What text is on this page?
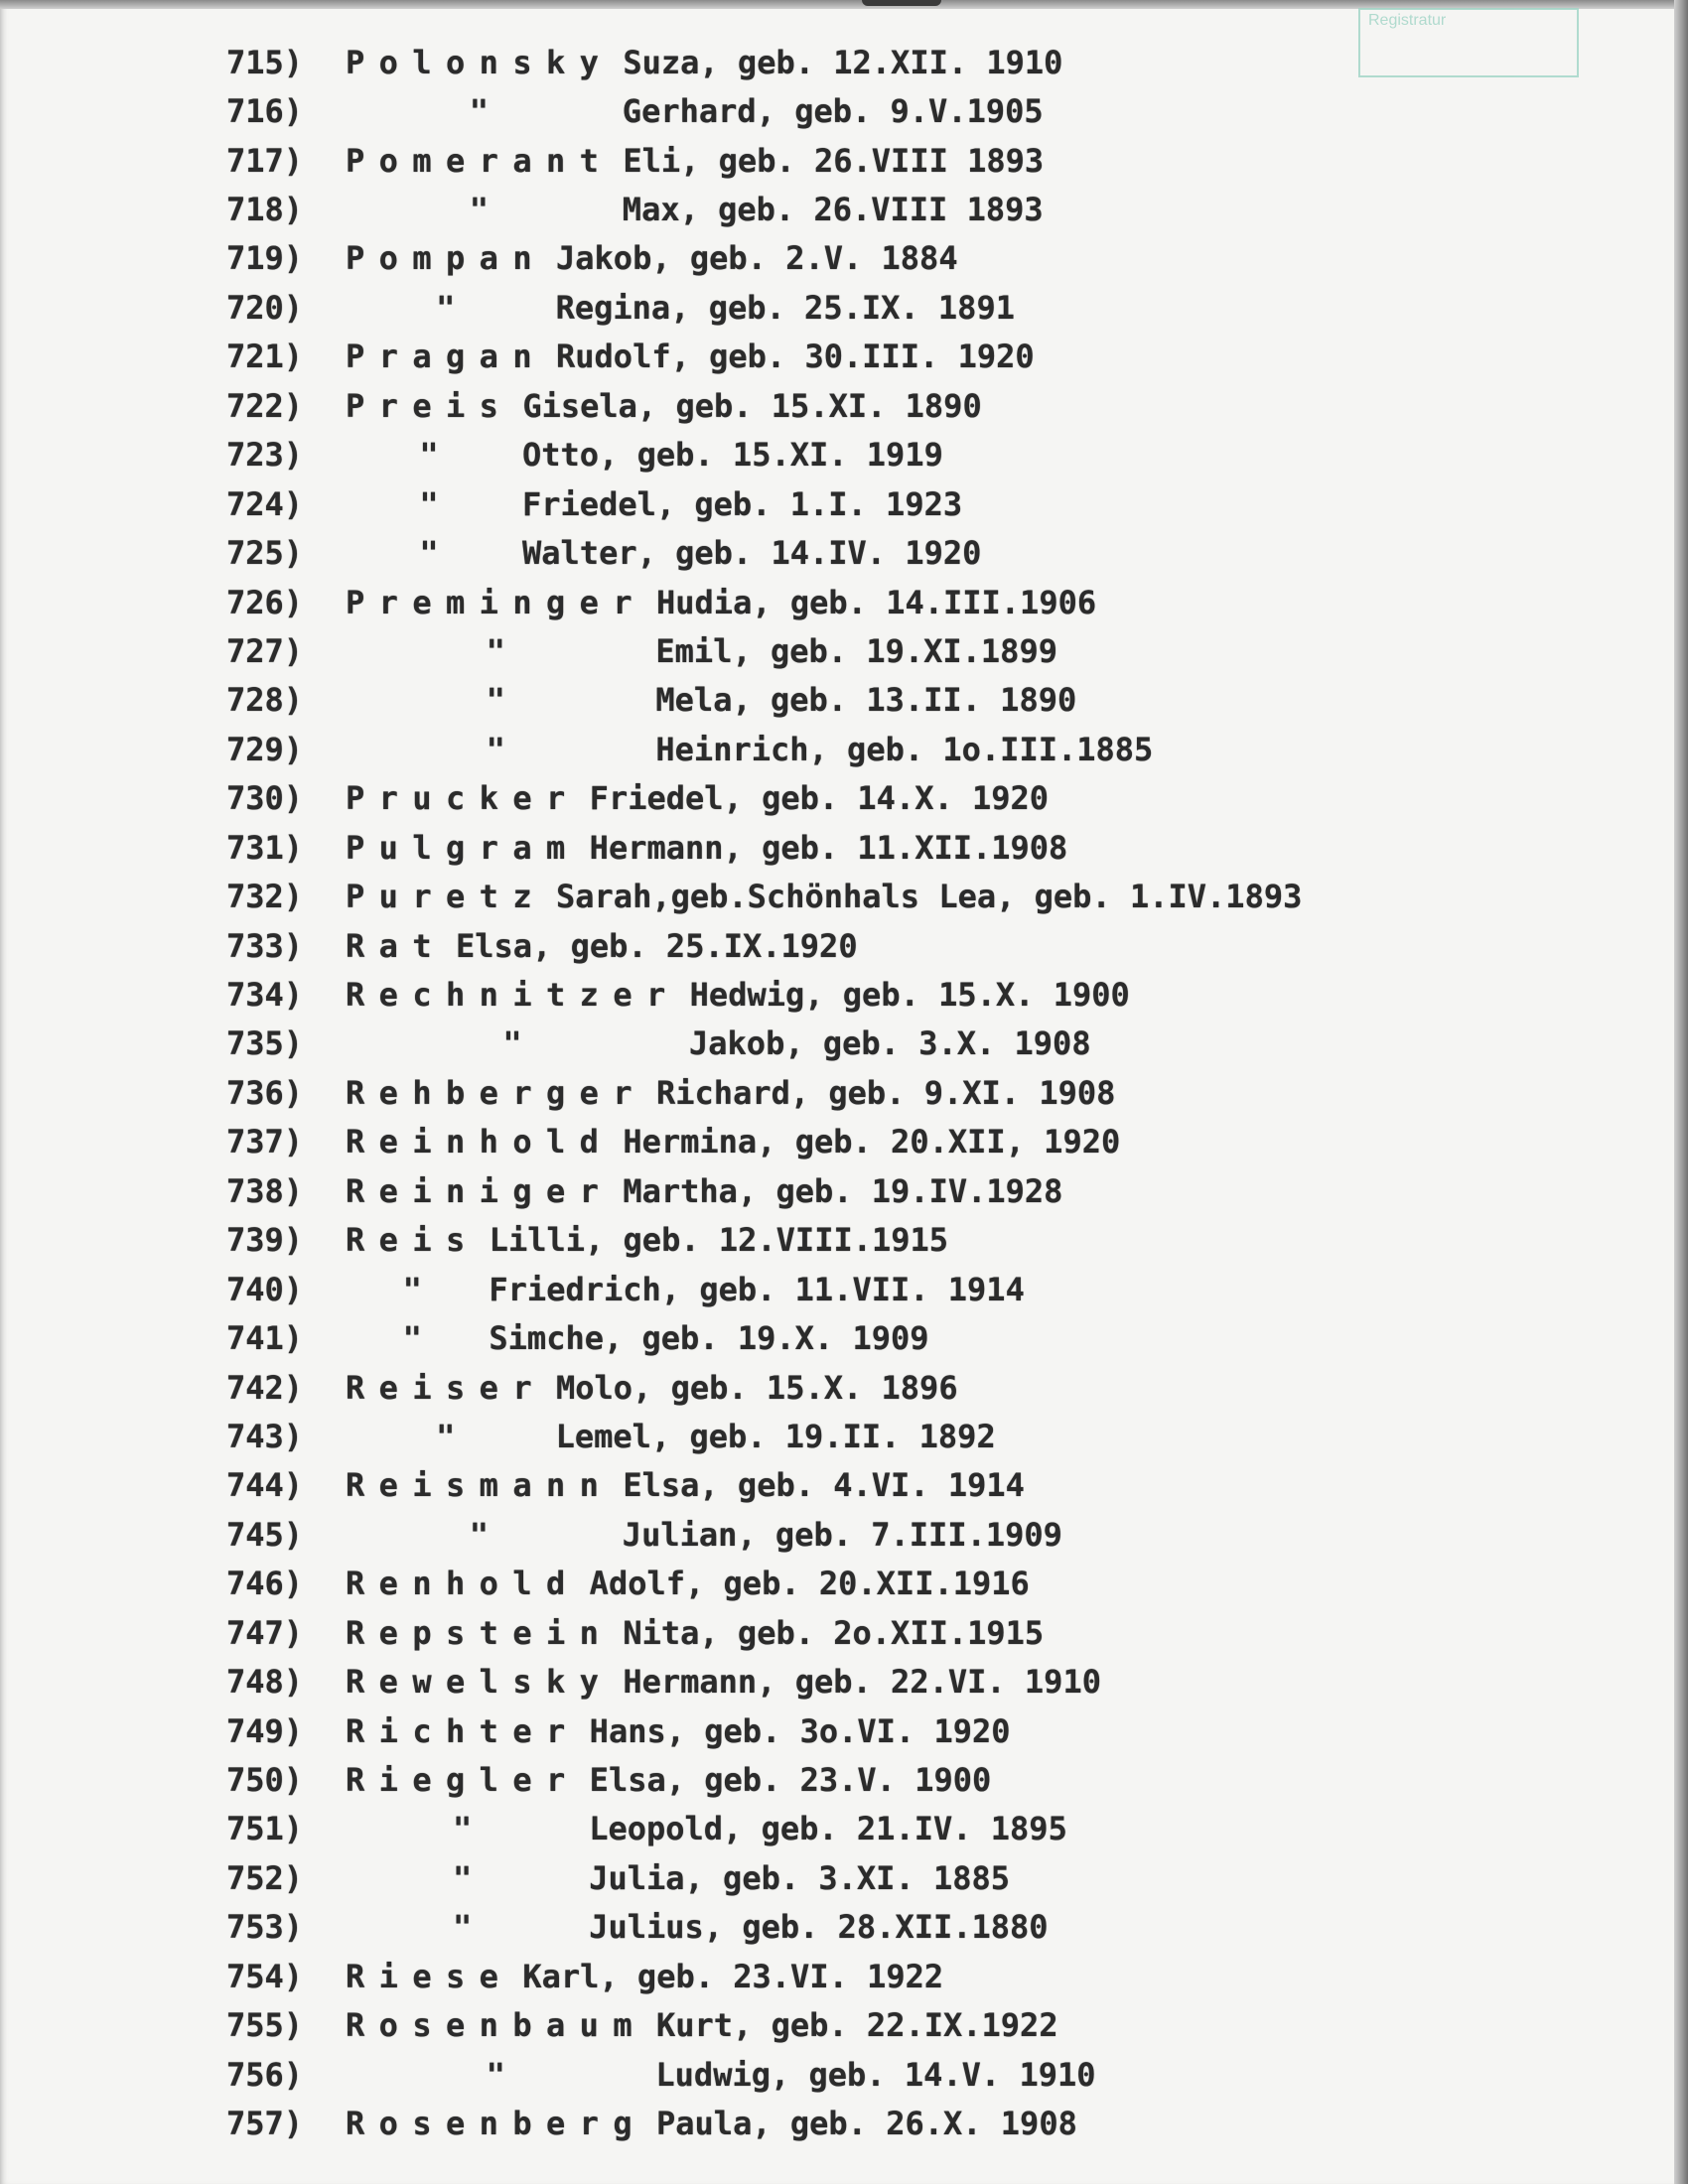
Registratur
715)	Polonsky Suza, geb. 12.XII. 1910
716)	"	Gerhard, geb. 9.V.1905
717)	Pomerant Eli, geb. 26.VIII 1893
718)	"	Max, geb. 26.VIII 1893
719)	Pompan Jakob, geb. 2.V. 1884
720)	"	Regina, geb. 25.IX. 1891
721)	Pragan Rudolf, geb. 30.III. 1920
722)	Preis Gisela, geb. 15.XI. 1890
723)	"	Otto, geb. 15.XI. 1919
724)	"	Friedel, geb. 1.I. 1923
725)	"	Walter, geb. 14.IV. 1920
726)	Preminger Hudia, geb. 14.III.1906
727)	"	Emil, geb. 19.XI.1899
728)	"	Mela, geb. 13.II. 1890
729)	"	Heinrich, geb. 1o.III.1885
730)	Prucker Friedel, geb. 14.X. 1920
731)	Pulgram Hermann, geb. 11.XII.1908
732)	Puretz Sarah,geb.Schönhals Lea, geb. 1.IV.1893
733)	Rat Elsa, geb. 25.IX.1920
734)	Rechnitzer Hedwig, geb. 15.X. 1900
735)	"	Jakob, geb. 3.X. 1908
736)	Rehberger Richard, geb. 9.XI. 1908
737)	Reinhold Hermina, geb. 20.XII, 1920
738)	Reiniger Martha, geb. 19.IV.1928
739)	Reis Lilli, geb. 12.VIII.1915
740)	"	Friedrich, geb. 11.VII. 1914
741)	"	Simche, geb. 19.X. 1909
742)	Reiser Molo, geb. 15.X. 1896
743)	"	Lemel, geb. 19.II. 1892
744)	Reismann Elsa, geb. 4.VI. 1914
745)	"	Julian, geb. 7.III.1909
746)	Renhold Adolf, geb. 20.XII.1916
747)	Repstein Nita, geb. 2o.XII.1915
748)	Rewelsky Hermann, geb. 22.VI. 1910
749)	Richter Hans, geb. 3o.VI. 1920
750)	Riegler Elsa, geb. 23.V. 1900
751)	"	Leopold, geb. 21.IV. 1895
752)	"	Julia, geb. 3.XI. 1885
753)	"	Julius, geb. 28.XII.1880
754)	Riese Karl, geb. 23.VI. 1922
755)	Rosenbaum Kurt, geb. 22.IX.1922
756)	"	Ludwig, geb. 14.V. 1910
757)	Rosenberg Paula, geb. 26.X. 1908
